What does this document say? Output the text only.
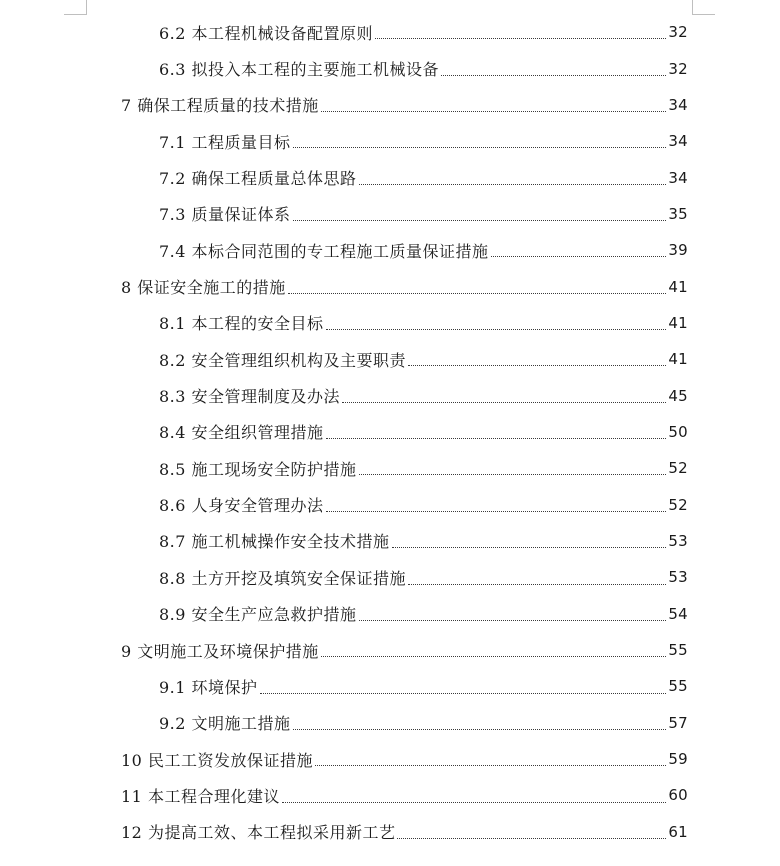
6.2 本工程机械设备配置原则	32
6.3 拟投入本工程的主要施工机械设备	32
7 确保工程质量的技术措施	34
7.1 工程质量目标	34
7.2 确保工程质量总体思路	34
7.3 质量保证体系	35
7.4 本标合同范围的专工程施工质量保证措施	39
8 保证安全施工的措施	41
8.1 本工程的安全目标	41
8.2 安全管理组织机构及主要职责	41
8.3 安全管理制度及办法	45
8.4 安全组织管理措施	50
8.5 施工现场安全防护措施	52
8.6 人身安全管理办法	52
8.7 施工机械操作安全技术措施	53
8.8 土方开挖及填筑安全保证措施	53
8.9 安全生产应急救护措施	54
9 文明施工及环境保护措施	55
9.1 环境保护	55
9.2 文明施工措施	57
10 民工工资发放保证措施	59
11 本工程合理化建议	60
12 为提高工效、本工程拟采用新工艺	61
